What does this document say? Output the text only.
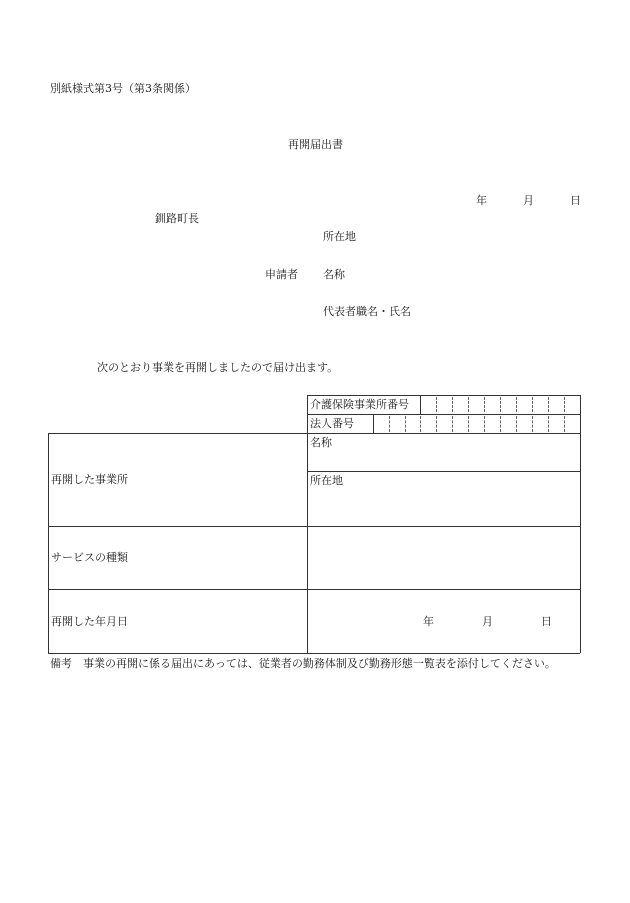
別紙様式第3号（第3条関係）
再開届出書
年	月	日
釧路町長
所在地
申請者 名称
代表者職名・氏名
次のとおり事業を再開しましたので届け出ます。
介護保険事業所番号
法人番号
再開した事業所
名称
所在地
サービスの種類
再開した年月日	年	月	日
備考　事業の再開に係る届出にあっては、従業者の勤務体制及び勤務形態一覧表を添付してください。
